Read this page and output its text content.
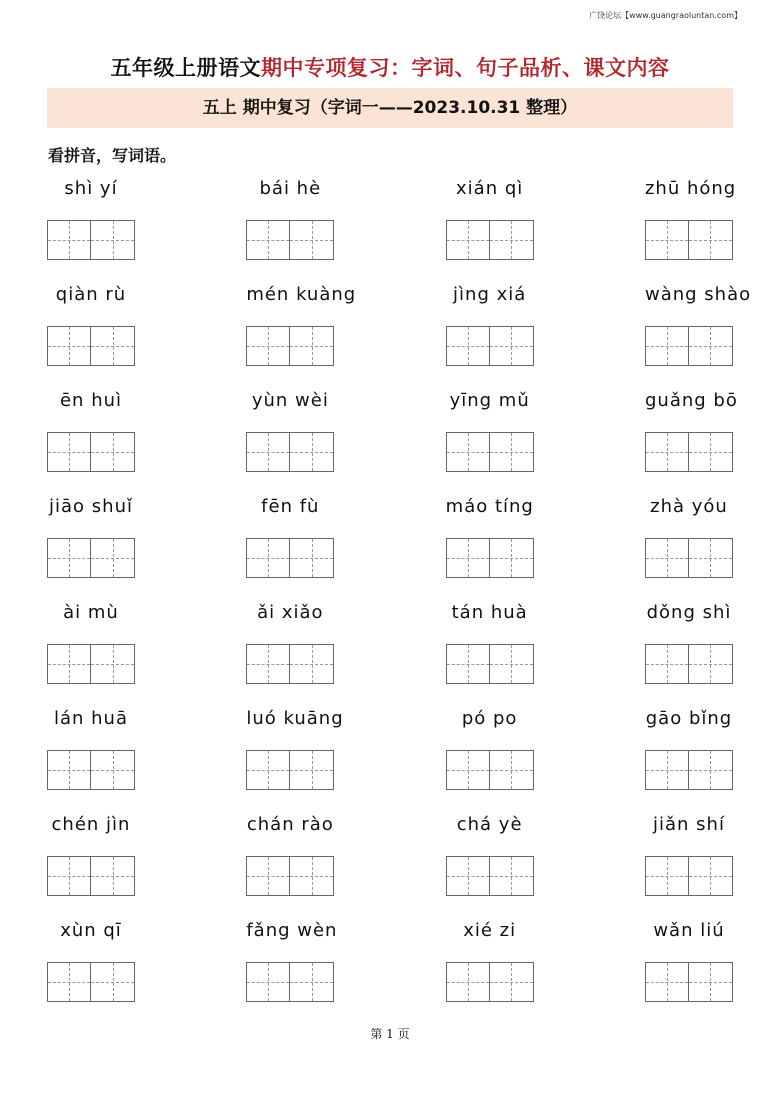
广饶论坛【www.guangraoluntan.com】
五年级上册语文期中专项复习：字词、句子品析、课文内容
五上 期中复习（字词一——2023.10.31 整理）
看拼音，写词语。
shì yí	bái hè	xián qì	zhū hóng
qiàn rù	mén kuàng	jìng xiá	wàng shào
ēn huì	yùn wèi	yīng mǔ	guǎng bō
jiāo shuǐ	fēn fù	máo tíng	zhà yóu
ài mù	ǎi xiǎo	tán huà	dǒng shì
lán huā	luó kuāng	pó po	gāo bǐng
chén jìn	chán rào	chá yè	jiǎn shí
xùn qī	fǎng wèn	xié zi	wǎn liú
第 1 页
